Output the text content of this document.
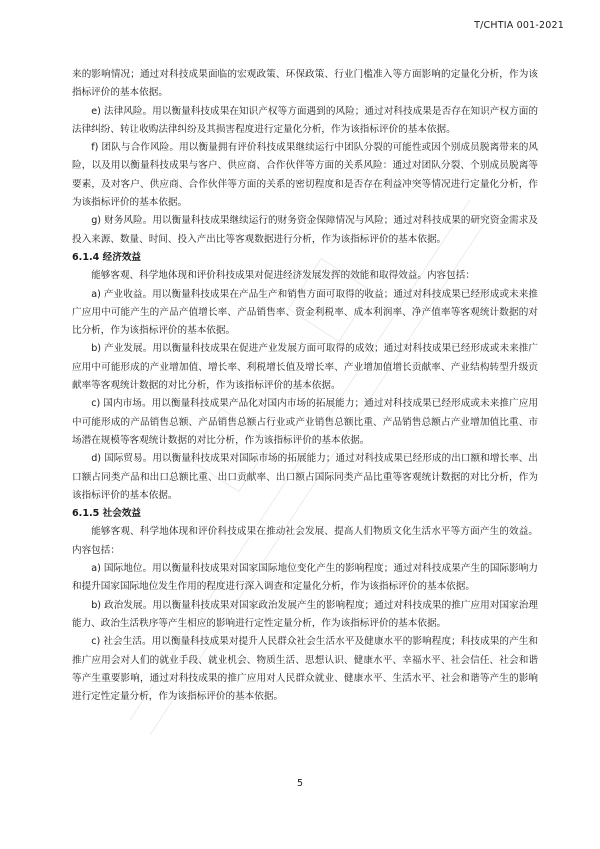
T/CHTIA 001-2021

来的影响情况；通过对科技成果面临的宏观政策、环保政策、行业门槛准入等方面影响的定量化分析，作为该指标评价的基本依据。

e) 法律风险。用以衡量科技成果在知识产权等方面遇到的风险；通过对科技成果是否存在知识产权方面的法律纠纷、转让收购法律纠纷及其损害程度进行定量化分析，作为该指标评价的基本依据。

f) 团队与合作风险。用以衡量拥有评价科技成果继续运行中团队分裂的可能性或因个别成员脱离带来的风险，以及用以衡量科技成果与客户、供应商、合作伙伴等方面的关系风险：通过对团队分裂、个别成员脱离等要素，及对客户、供应商、合作伙伴等方面的关系的密切程度和是否存在利益冲突等情况进行定量化分析，作为该指标评价的基本依据。

g) 财务风险。用以衡量科技成果继续运行的财务资金保障情况与风险；通过对科技成果的研究资金需求及投入来源、数量、时间、投入产出比等客观数据进行分析，作为该指标评价的基本依据。

6.1.4 经济效益

能够客观、科学地体现和评价科技成果对促进经济发展发挥的效能和取得效益。内容包括：

a) 产业收益。用以衡量科技成果在产品生产和销售方面可取得的收益；通过对科技成果已经形成或未来推广应用中可能产生的产品产值增长率、产品销售率、资金利税率、成本利润率、净产值率等客观统计数据的对比分析，作为该指标评价的基本依据。

b) 产业发展。用以衡量科技成果在促进产业发展方面可取得的成效；通过对科技成果已经形成或未来推广应用中可能形成的产业增加值、增长率、利税增长值及增长率、产业增加值增长贡献率、产业结构转型升级贡献率等客观统计数据的对比分析，作为该指标评价的基本依据。

c) 国内市场。用以衡量科技成果产品化对国内市场的拓展能力；通过对科技成果已经形成或未来推广应用中可能形成的产品销售总额、产品销售总额占行业或产业销售总额比重、产品销售总额占产业增加值比重、市场潜在规模等客观统计数据的对比分析，作为该指标评价的基本依据。

d) 国际贸易。用以衡量科技成果对国际市场的拓展能力；通过对科技成果已经形成的出口额和增长率、出口额占同类产品和出口总额比重、出口贡献率、出口额占国际同类产品比重等客观统计数据的对比分析，作为该指标评价的基本依据。

6.1.5 社会效益

能够客观、科学地体现和评价科技成果在推动社会发展、提高人们物质文化生活水平等方面产生的效益。内容包括：

a) 国际地位。用以衡量科技成果对国家国际地位变化产生的影响程度；通过对科技成果产生的国际影响力和提升国家国际地位发生作用的程度进行深入调查和定量化分析，作为该指标评价的基本依据。

b) 政治发展。用以衡量科技成果对国家政治发展产生的影响程度；通过对科技成果的推广应用对国家治理能力、政治生活秩序等产生相应的影响进行定性定量分析，作为该指标评价的基本依据。

c) 社会生活。用以衡量科技成果对提升人民群众社会生活水平及健康水平的影响程度；科技成果的产生和推广应用会对人们的就业手段、就业机会、物质生活、思想认识、健康水平、幸福水平、社会信任、社会和谐等产生重要影响，通过对科技成果的推广应用对人民群众就业、健康水平、生活水平、社会和谐等产生的影响进行定性定量分析，作为该指标评价的基本依据。

5
